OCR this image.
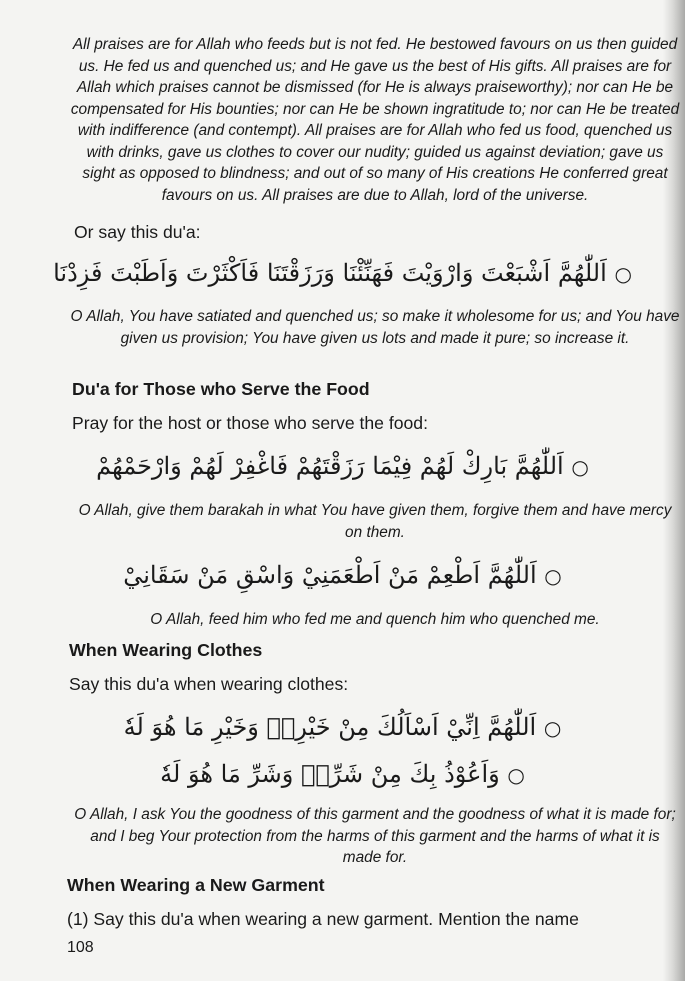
All praises are for Allah who feeds but is not fed. He bestowed favours on us then guided us. He fed us and quenched us; and He gave us the best of His gifts. All praises are for Allah which praises cannot be dismissed (for He is always praiseworthy); nor can He be compensated for His bounties; nor can He be shown ingratitude to; nor can He be treated with indifference (and contempt). All praises are for Allah who fed us food, quenched us with drinks, gave us clothes to cover our nudity; guided us against deviation; gave us sight as opposed to blindness; and out of so many of His creations He conferred great favours on us. All praises are due to Allah, lord of the universe.

Or say this du'a:

○ اَللّٰهُمَّ اَشْبَعْتَ وَارْوَيْتَ فَهَنِّئْنَا وَرَزَقْتَنَا فَاَكْثَرْتَ وَاَطَبْتَ فَزِدْنَا

O Allah, You have satiated and quenched us; so make it wholesome for us; and You have given us provision; You have given us lots and made it pure; so increase it.

Du'a for Those who Serve the Food

Pray for the host or those who serve the food:

○ اَللّٰهُمَّ بَارِكْ لَهُمْ فِيْمَا رَزَقْتَهُمْ فَاغْفِرْ لَهُمْ وَارْحَمْهُمْ

O Allah, give them barakah in what You have given them, forgive them and have mercy on them.

○ اَللّٰهُمَّ اَطْعِمْ مَنْ اَطْعَمَنِيْ وَاسْقِ مَنْ سَقَانِيْ

O Allah, feed him who fed me and quench him who quenched me.

When Wearing Clothes

Say this du'a when wearing clothes:

○ اَللّٰهُمَّ اِنِّيْ اَسْاَلُكَ مِنْ خَيْرِهٖ وَخَيْرِ مَا هُوَ لَهٗ
○ وَاَعُوْذُ بِكَ مِنْ شَرِّهٖ وَشَرِّ مَا هُوَ لَهٗ

O Allah, I ask You the goodness of this garment and the goodness of what it is made for; and I beg Your protection from the harms of this garment and the harms of what it is made for.

When Wearing a New Garment

(1) Say this du'a when wearing a new garment. Mention the name

108
